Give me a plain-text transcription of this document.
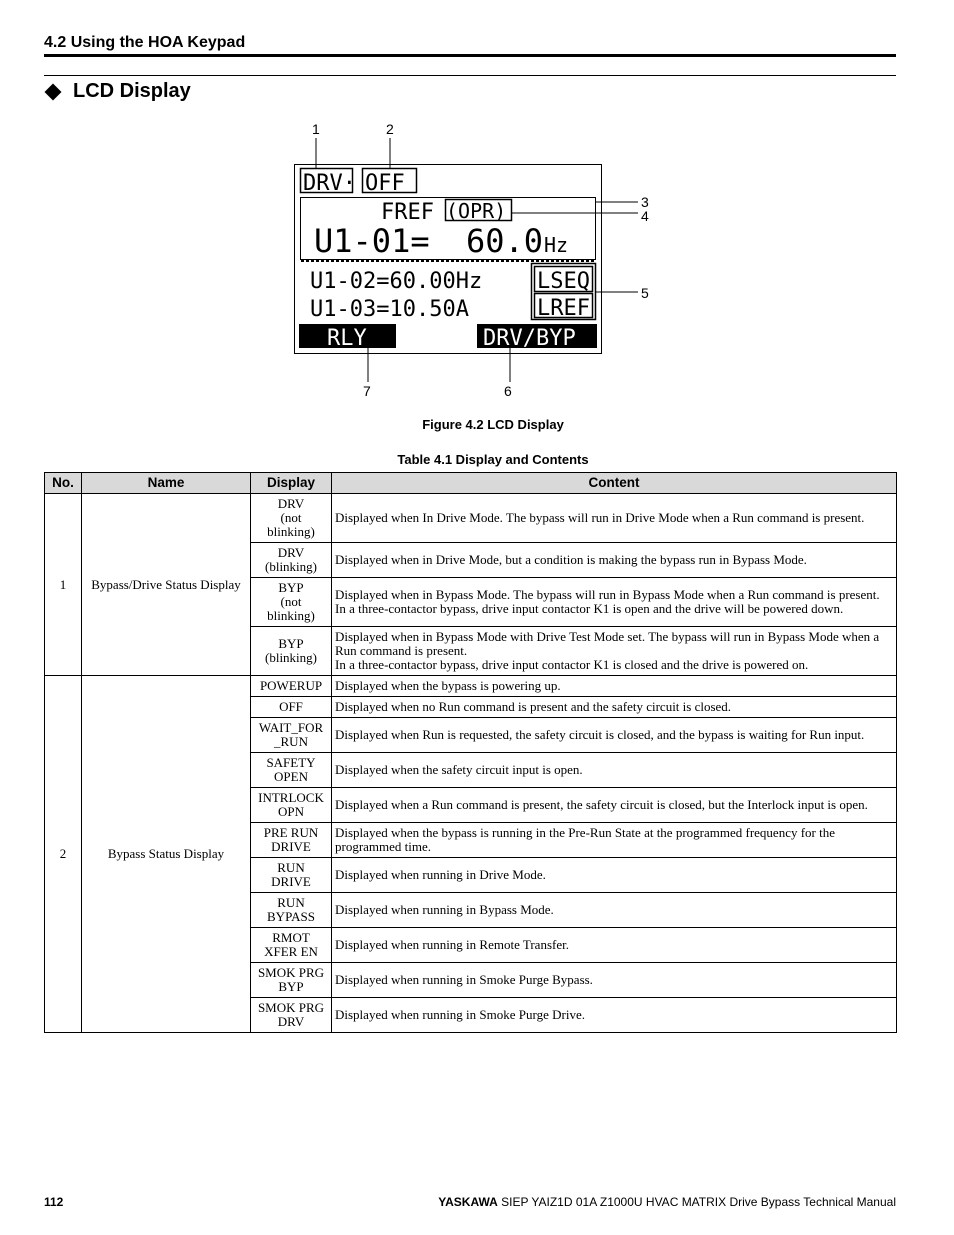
4.2 Using the HOA Keypad
LCD Display
DRV· OFF
FREF (OPR)
U1-01= 60.0 Hz
U1-02=60.00Hz
U1-03=10.50A
LSEQ
LREF
RLY	DRV/BYP
1	2
3
4
5
6
7
Figure 4.2 LCD Display
Table 4.1 Display and Contents
No.	Name	Display	Content
1	Bypass/Drive Status Display	DRV
(not
blinking)	Displayed when In Drive Mode. The bypass will run in Drive Mode when a Run command is present.
		DRV
(blinking)	Displayed when in Drive Mode, but a condition is making the bypass run in Bypass Mode.
		BYP
(not
blinking)	Displayed when in Bypass Mode. The bypass will run in Bypass Mode when a Run command is present.
In a three-contactor bypass, drive input contactor K1 is open and the drive will be powered down.
		BYP
(blinking)	Displayed when in Bypass Mode with Drive Test Mode set. The bypass will run in Bypass Mode when a Run command is present.
In a three-contactor bypass, drive input contactor K1 is closed and the drive is powered on.
2	Bypass Status Display	POWERUP	Displayed when the bypass is powering up.
		OFF	Displayed when no Run command is present and the safety circuit is closed.
		WAIT_FOR
_RUN	Displayed when Run is requested, the safety circuit is closed, and the bypass is waiting for Run input.
		SAFETY
OPEN	Displayed when the safety circuit input is open.
		INTRLOCK
OPN	Displayed when a Run command is present, the safety circuit is closed, but the Interlock input is open.
		PRE RUN
DRIVE	Displayed when the bypass is running in the Pre-Run State at the programmed frequency for the programmed time.
		RUN
DRIVE	Displayed when running in Drive Mode.
		RUN
BYPASS	Displayed when running in Bypass Mode.
		RMOT
XFER EN	Displayed when running in Remote Transfer.
		SMOK PRG
BYP	Displayed when running in Smoke Purge Bypass.
		SMOK PRG
DRV	Displayed when running in Smoke Purge Drive.
112	YASKAWA SIEP YAIZ1D 01A Z1000U HVAC MATRIX Drive Bypass Technical Manual
